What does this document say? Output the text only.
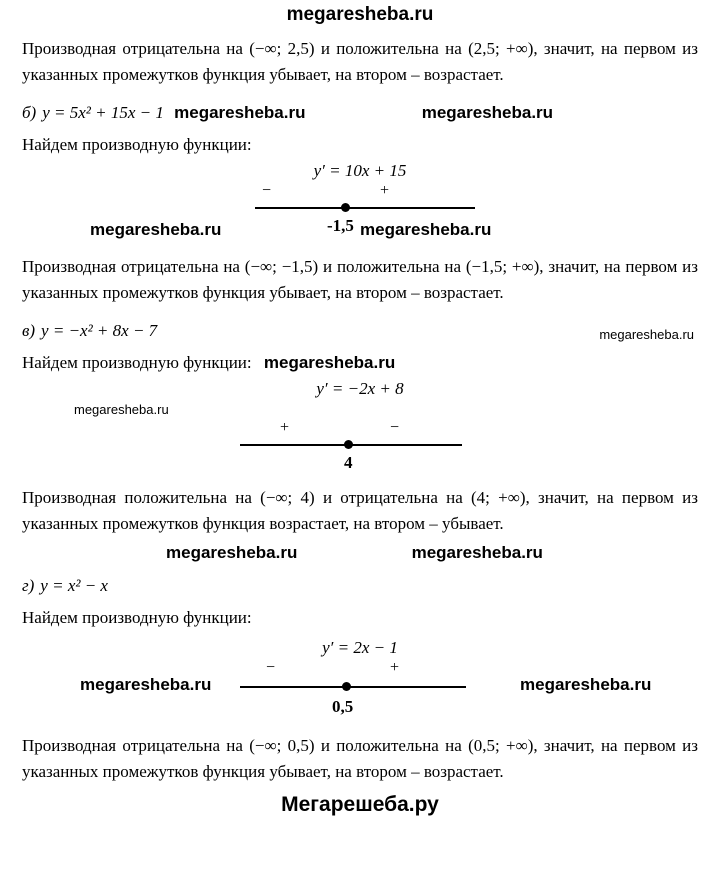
megaresheba.ru

Производная отрицательна на (−∞; 2,5) и положительна на (2,5; +∞), значит, на первом из указанных промежутков функция убывает, на втором – возрастает.

б) y = 5x² + 15x − 1 megaresheba.ru	megaresheba.ru
Найдем производную функции:
y′ = 10x + 15
−	+
-1,5
megaresheba.ru	megaresheba.ru

Производная отрицательна на (−∞; −1,5) и положительна на (−1,5; +∞), значит, на первом из указанных промежутков функция убывает, на втором – возрастает.

в) y = −x² + 8x − 7	megaresheba.ru
Найдем производную функции: megaresheba.ru
y′ = −2x + 8
megaresheba.ru
+	−
4

Производная положительна на (−∞; 4) и отрицательна на (4; +∞), значит, на первом из указанных промежутков функция возрастает, на втором – убывает.

megaresheba.ru	megaresheba.ru
г) y = x² − x
Найдем производную функции:
y′ = 2x − 1
−	+
0,5
megaresheba.ru	megaresheba.ru

Производная отрицательна на (−∞; 0,5) и положительна на (0,5; +∞), значит, на первом из указанных промежутков функция убывает, на втором – возрастает.

Мегарешеба.ру
